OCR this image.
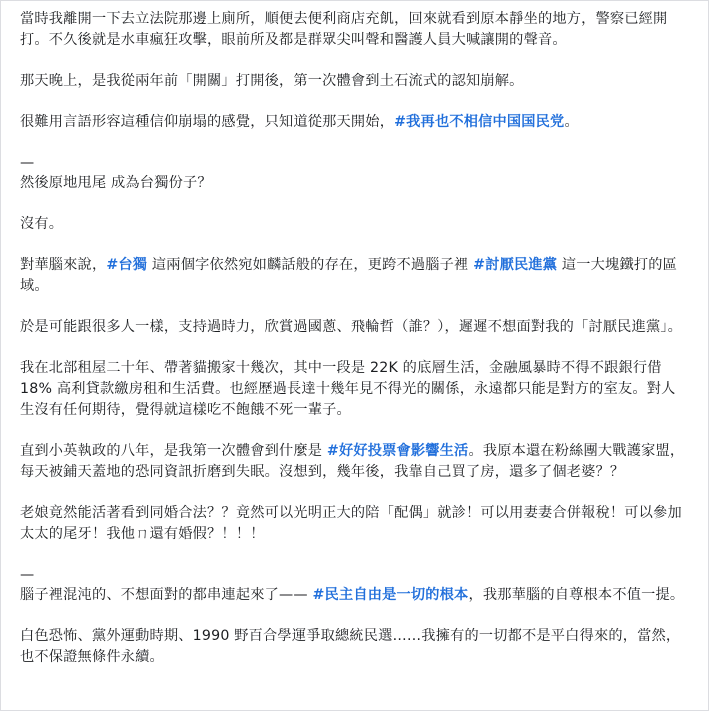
當時我離開一下去立法院那邊上廁所，順便去便利商店充飢，回來就看到原本靜坐的地方，警察已經開打。不久後就是水車瘋狂攻擊，眼前所及都是群眾尖叫聲和醫護人員大喊讓開的聲音。

那天晚上，是我從兩年前「開關」打開後，第一次體會到土石流式的認知崩解。

很難用言語形容這種信仰崩塌的感覺，只知道從那天開始，#我再也不相信中国国民党。

—

然後原地甩尾 成為台獨份子？

沒有。

對華腦來說，#台獨 這兩個字依然宛如麟話般的存在，更跨不過腦子裡 #討厭民進黨 這一大塊鐵打的區域。

於是可能跟很多人一樣，支持過時力，欣賞過國蔥、飛輪哲（誰？），遲遲不想面對我的「討厭民進黨」。

我在北部租屋二十年、帶著貓搬家十幾次，其中一段是 22K 的底層生活，金融風暴時不得不跟銀行借 18% 高利貸款繳房租和生活費。也經歷過長達十幾年見不得光的關係，永遠都只能是對方的室友。對人生沒有任何期待，覺得就這樣吃不飽餓不死一輩子。

直到小英執政的八年，是我第一次體會到什麼是 #好好投票會影響生活。我原本還在粉絲團大戰護家盟，每天被鋪天蓋地的恐同資訊折磨到失眠。沒想到，幾年後，我靠自己買了房，還多了個老婆？？

老娘竟然能活著看到同婚合法？？竟然可以光明正大的陪「配偶」就診！可以用妻妻合併報稅！可以參加太太的尾牙！我他ㄇ還有婚假？！！！

—

腦子裡混沌的、不想面對的都串連起來了—— #民主自由是一切的根本，我那華腦的自尊根本不值一提。

白色恐怖、黨外運動時期、1990 野百合學運爭取總統民選……我擁有的一切都不是平白得來的，當然，也不保證無條件永續。
